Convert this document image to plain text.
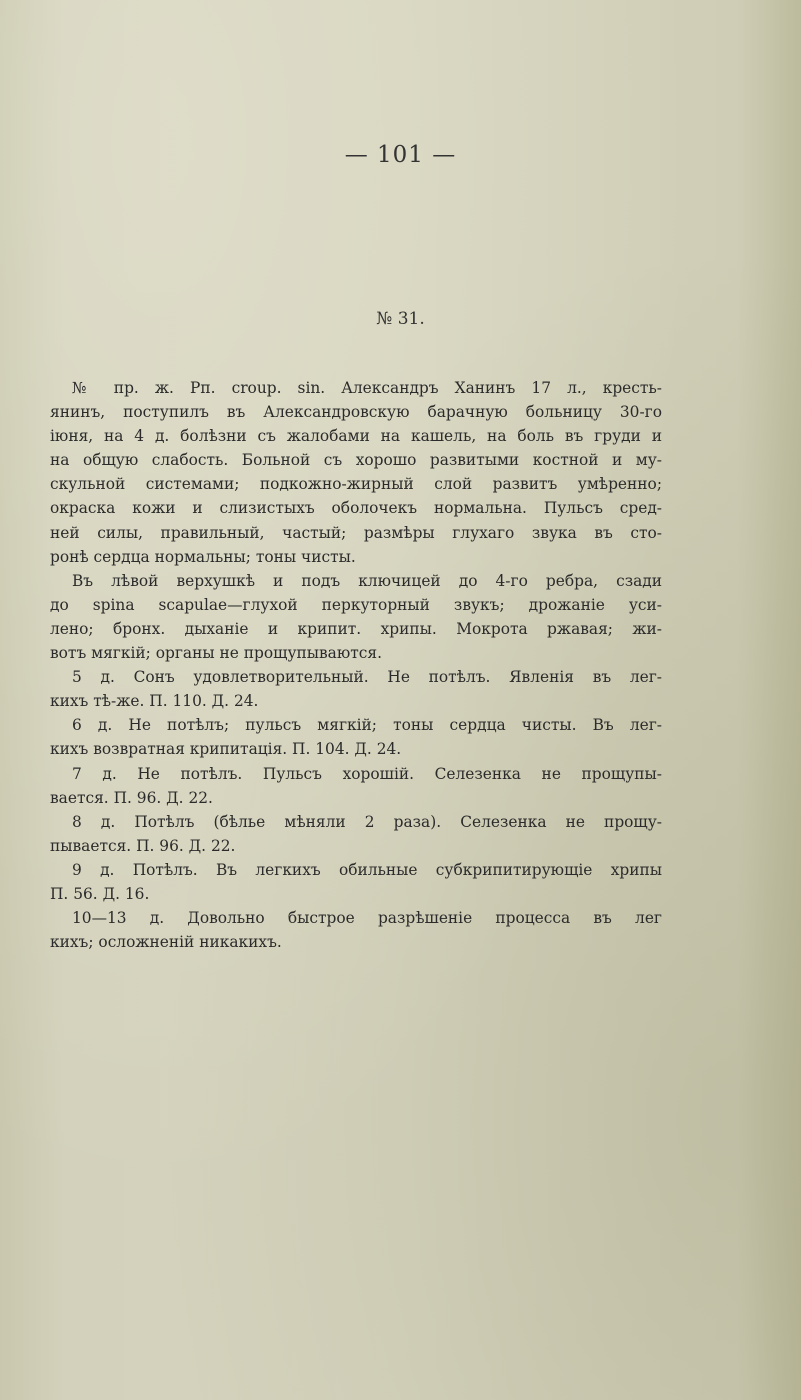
— 101 —
№ 31.
№ пр. ж. Рп. croup. sin. Александръ Ханинъ 17 л., кресть-
янинъ, поступилъ въ Александровскую барачную больницу 30-го
іюня, на 4 д. болѣзни съ жалобами на кашель, на боль въ груди и
на общую слабость. Больной съ хорошо развитыми костной и му-
скульной системами; подкожно-жирный слой развитъ умѣренно;
окраска кожи и слизистыхъ оболочекъ нормальна. Пульсъ сред-
ней силы, правильный, частый; размѣры глухаго звука въ сто-
ронѣ сердца нормальны; тоны чисты.
Въ лѣвой верхушкѣ и подъ ключицей до 4-го ребра, сзади
до spina scapulae—глухой перкуторный звукъ; дрожаніе уси-
лено; бронх. дыханіе и крипит. хрипы. Мокрота ржавая; жи-
вотъ мягкій; органы не прощупываются.
5 д. Сонъ удовлетворительный. Не потѣлъ. Явленія въ лег-
кихъ тѣ-же. П. 110. Д. 24.
6 д. Не потѣлъ; пульсъ мягкій; тоны сердца чисты. Въ лег-
кихъ возвратная крипитація. П. 104. Д. 24.
7 д. Не потѣлъ. Пульсъ хорошій. Селезенка не прощупы-
вается. П. 96. Д. 22.
8 д. Потѣлъ (бѣлье мѣняли 2 раза). Селезенка не прощу-
пывается. П. 96. Д. 22.
9 д. Потѣлъ. Въ легкихъ обильные субкрипитирующіе хрипы
П. 56. Д. 16.
10—13 д. Довольно быстрое разрѣшеніе процесса въ лег
кихъ; осложненій никакихъ.
